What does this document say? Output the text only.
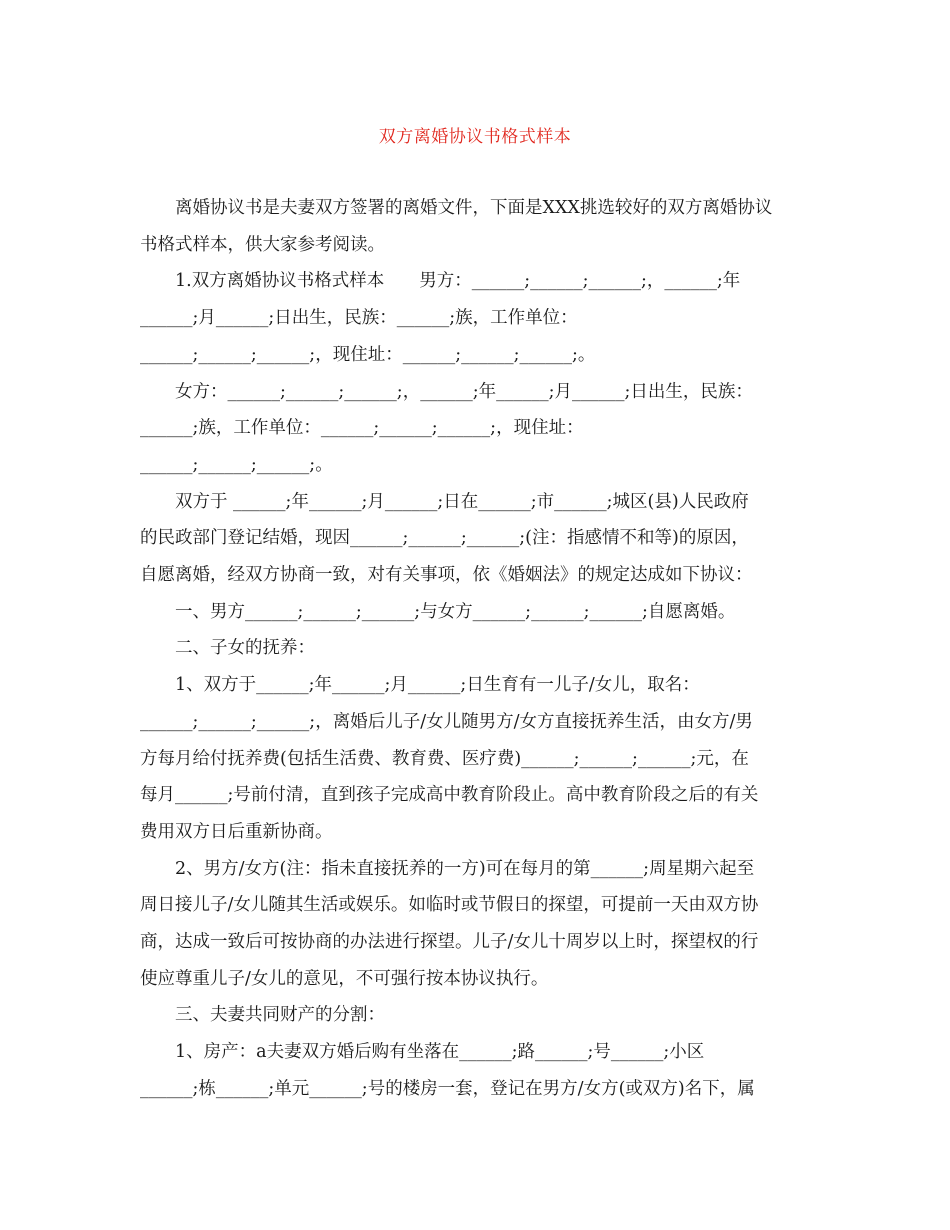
双方离婚协议书格式样本
　　离婚协议书是夫妻双方签署的离婚文件，下面是XXX挑选较好的双方离婚协议
书格式样本，供大家参考阅读。
　　1.双方离婚协议书格式样本　　男方：______;______;______;，______;年
______;月______;日出生，民族：______;族，工作单位：
______;______;______;，现住址：______;______;______;。
　　女方：______;______;______;，______;年______;月______;日出生，民族：
______;族，工作单位：______;______;______;，现住址：
______;______;______;。
　　双方于 ______;年______;月______;日在______;市______;城区(县)人民政府
的民政部门登记结婚，现因______;______;______;(注：指感情不和等)的原因，
自愿离婚，经双方协商一致，对有关事项，依《婚姻法》的规定达成如下协议：
　　一、男方______;______;______;与女方______;______;______;自愿离婚。
　　二、子女的抚养：
　　1、双方于______;年______;月______;日生育有一儿子/女儿，取名：
______;______;______;，离婚后儿子/女儿随男方/女方直接抚养生活，由女方/男
方每月给付抚养费(包括生活费、教育费、医疗费)______;______;______;元，在
每月______;号前付清，直到孩子完成高中教育阶段止。高中教育阶段之后的有关
费用双方日后重新协商。
　　2、男方/女方(注：指未直接抚养的一方)可在每月的第______;周星期六起至
周日接儿子/女儿随其生活或娱乐。如临时或节假日的探望，可提前一天由双方协
商，达成一致后可按协商的办法进行探望。儿子/女儿十周岁以上时，探望权的行
使应尊重儿子/女儿的意见，不可强行按本协议执行。
　　三、夫妻共同财产的分割：
　　1、房产：a夫妻双方婚后购有坐落在______;路______;号______;小区
______;栋______;单元______;号的楼房一套，登记在男方/女方(或双方)名下，属
